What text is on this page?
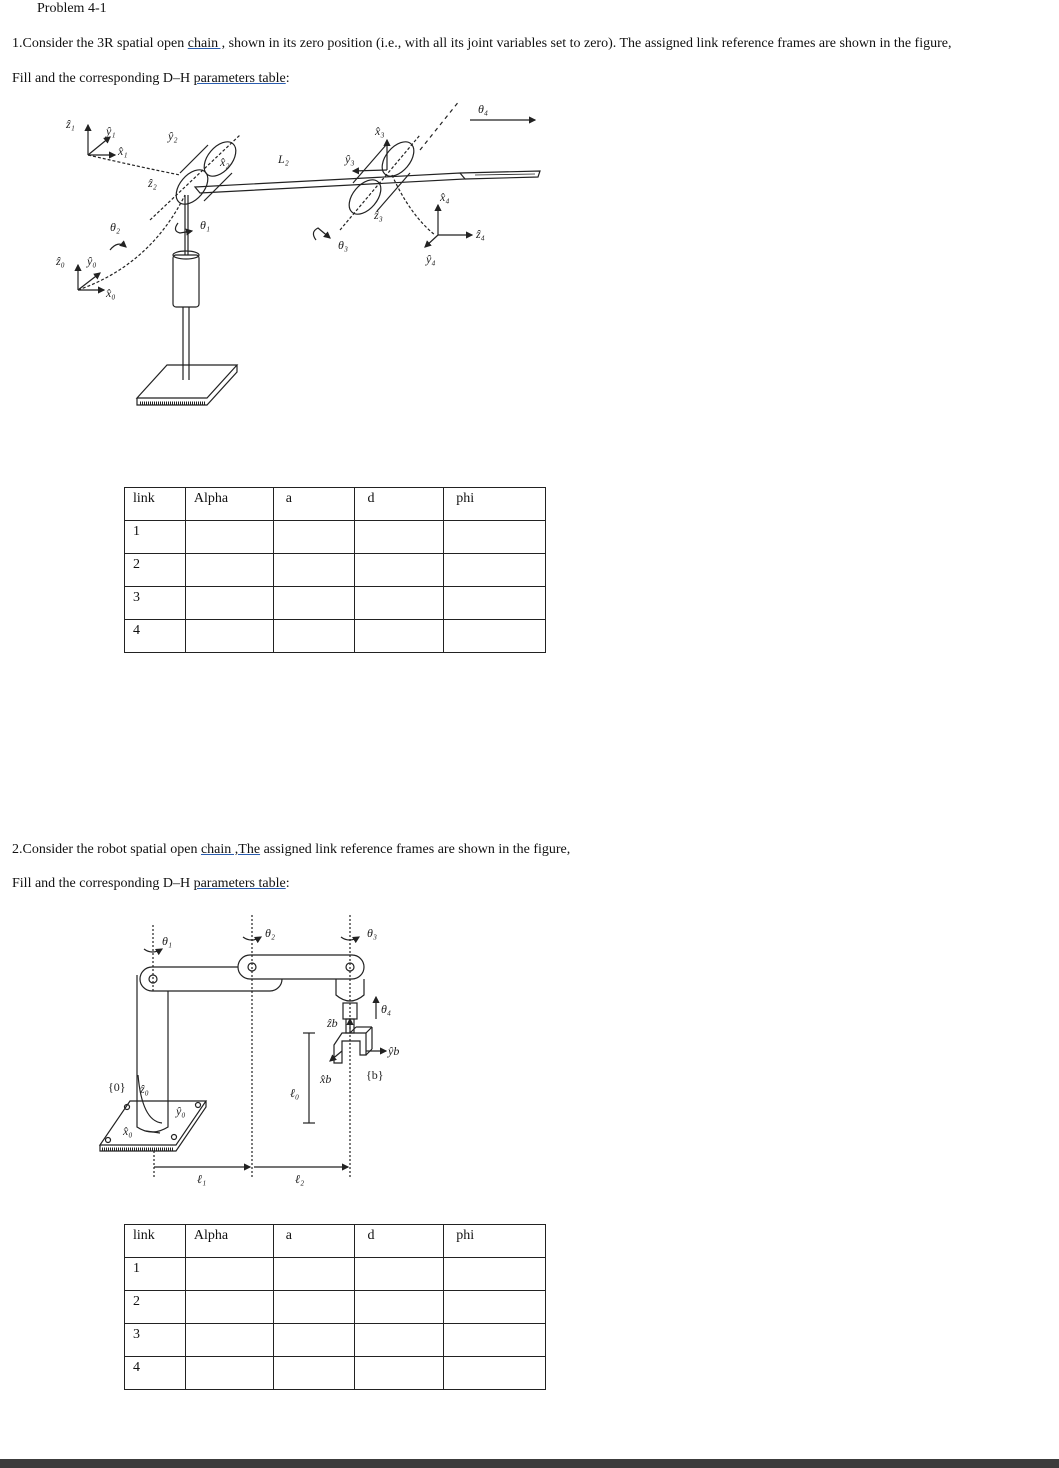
Problem 4-1
1.Consider the 3R spatial open chain , shown in its zero position (i.e., with all its joint variables set to zero). The assigned link reference frames are shown in the figure,
Fill and the corresponding D–H parameters table:
ẑ₁	ŷ₁
x̂₁
ŷ₂
x̂₂
ẑ₂
L₂	ŷ₃
x̂₃
ẑ₃
θ₄
x̂₄
ẑ₄
ŷ₄
θ₂	θ₁
θ₃
ẑ₀ ŷ₀
x̂₀
link	Alpha	a	d	phi
1				
2				
3				
4				
2.Consider the robot spatial open chain ,The assigned link reference frames are shown in the figure,
Fill and the corresponding D–H parameters table:
θ₁
θ₂	θ₃
θ₄
ẑb
ŷb
x̂b	{b}
{0} ẑ₀
ŷ₀
x̂₀
ℓ₀
ℓ₁	ℓ₂
link	Alpha	a	d	phi
1				
2				
3				
4				
